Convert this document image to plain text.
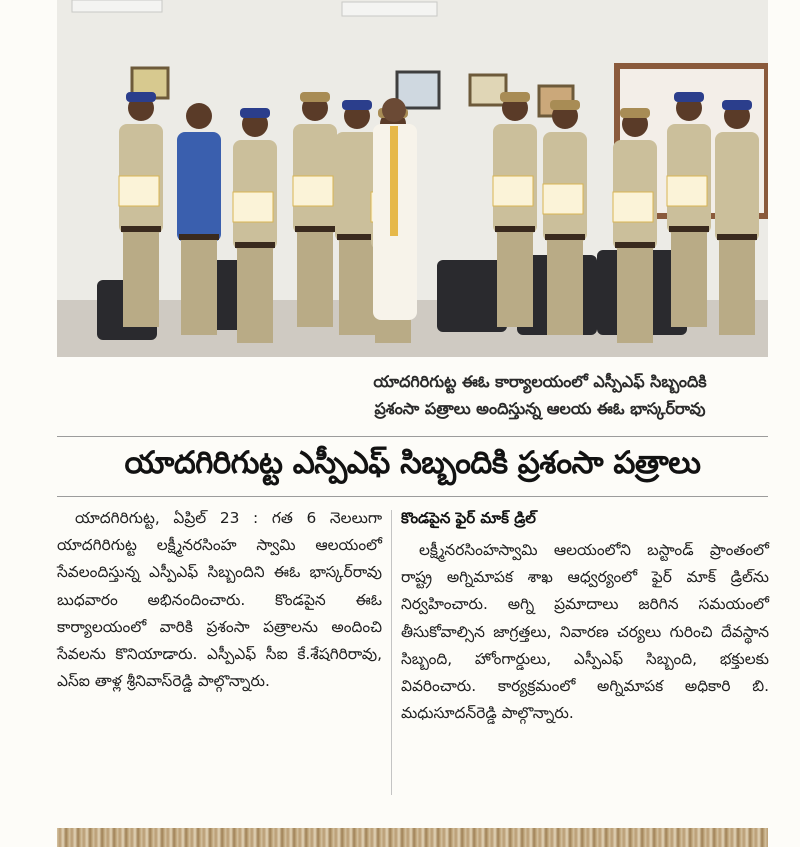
యాదగిరిగుట్ట ఈఓ కార్యాలయంలో ఎస్పీఎఫ్ సిబ్బందికి
ప్రశంసా పత్రాలు అందిస్తున్న ఆలయ ఈఓ భాస్కర్‌రావు
యాదగిరిగుట్ట ఎస్పీఎఫ్ సిబ్బందికి ప్రశంసా పత్రాలు

యాదగిరిగుట్ట, ఏప్రిల్ 23 : గత 6 నెలలుగా యాదగిరిగుట్ట లక్ష్మీనరసింహ స్వామి ఆలయంలో సేవలందిస్తున్న ఎస్పీఎఫ్ సిబ్బందిని ఈఓ భాస్కర్‌రావు బుధవారం అభినందించారు. కొండపైన ఈఓ కార్యాలయంలో వారికి ప్రశంసా పత్రాలను అందించి సేవలను కొనియాడారు. ఎస్పీఎఫ్ సీఐ కే.శేషగిరిరావు, ఎస్ఐ తాళ్ల శ్రీనివాస్‌రెడ్డి పాల్గొన్నారు.

కొండపైన ఫైర్ మాక్ డ్రిల్

లక్ష్మీనరసింహస్వామి ఆలయంలోని బస్టాండ్ ప్రాంతంలో రాష్ట్ర అగ్నిమాపక శాఖ ఆధ్వర్యంలో ఫైర్ మాక్ డ్రిల్‌ను నిర్వహించారు. అగ్ని ప్రమాదాలు జరిగిన సమయంలో తీసుకోవాల్సిన జాగ్రత్తలు, నివారణ చర్యలు గురించి దేవస్థాన సిబ్బంది, హోంగార్డులు, ఎస్పీఎఫ్ సిబ్బంది, భక్తులకు వివరించారు. కార్యక్రమంలో అగ్నిమాపక అధికారి బి. మధుసూదన్‌రెడ్డి పాల్గొన్నారు.
